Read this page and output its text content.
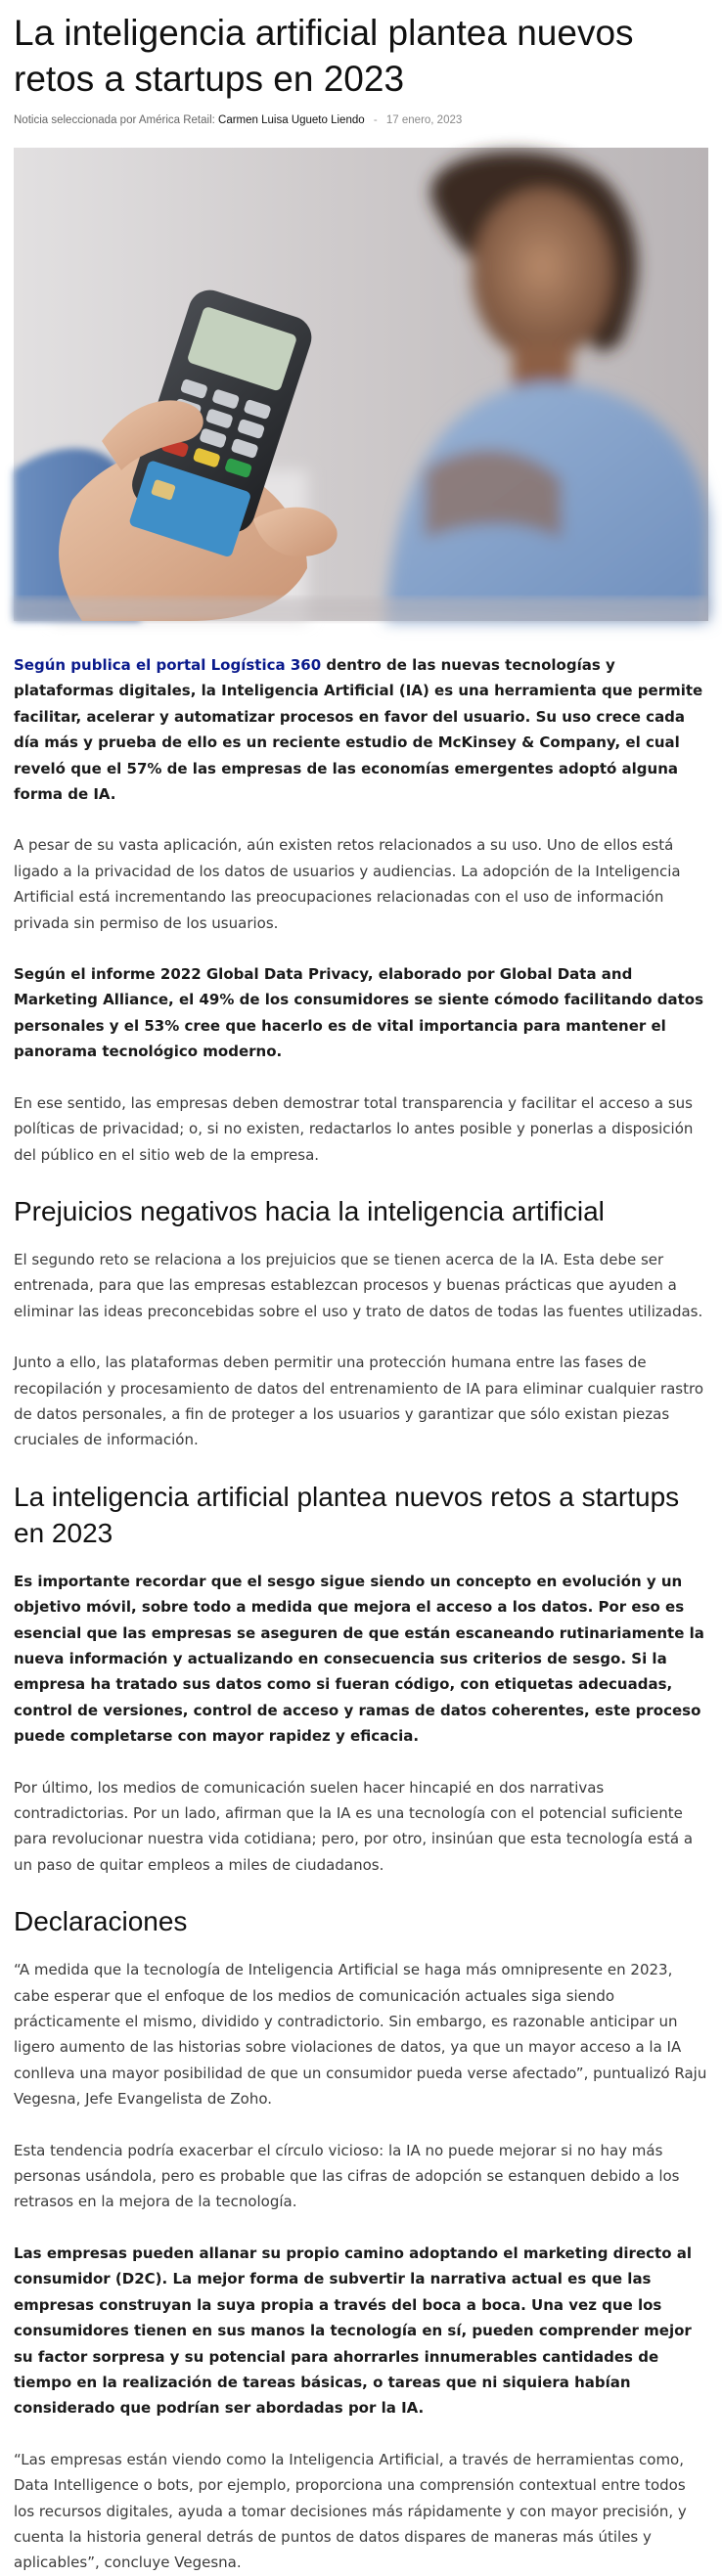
La inteligencia artificial plantea nuevos retos a startups en 2023
Noticia seleccionada por América Retail: Carmen Luisa Ugueto Liendo - 17 enero, 2023

Según publica el portal Logística 360 dentro de las nuevas tecnologías y plataformas digitales, la Inteligencia Artificial (IA) es una herramienta que permite facilitar, acelerar y automatizar procesos en favor del usuario. Su uso crece cada día más y prueba de ello es un reciente estudio de McKinsey & Company, el cual reveló que el 57% de las empresas de las economías emergentes adoptó alguna forma de IA.

A pesar de su vasta aplicación, aún existen retos relacionados a su uso. Uno de ellos está ligado a la privacidad de los datos de usuarios y audiencias. La adopción de la Inteligencia Artificial está incrementando las preocupaciones relacionadas con el uso de información privada sin permiso de los usuarios.

Según el informe 2022 Global Data Privacy, elaborado por Global Data and Marketing Alliance, el 49% de los consumidores se siente cómodo facilitando datos personales y el 53% cree que hacerlo es de vital importancia para mantener el panorama tecnológico moderno.

En ese sentido, las empresas deben demostrar total transparencia y facilitar el acceso a sus políticas de privacidad; o, si no existen, redactarlos lo antes posible y ponerlas a disposición del público en el sitio web de la empresa.

Prejuicios negativos hacia la inteligencia artificial

El segundo reto se relaciona a los prejuicios que se tienen acerca de la IA. Esta debe ser entrenada, para que las empresas establezcan procesos y buenas prácticas que ayuden a eliminar las ideas preconcebidas sobre el uso y trato de datos de todas las fuentes utilizadas.

Junto a ello, las plataformas deben permitir una protección humana entre las fases de recopilación y procesamiento de datos del entrenamiento de IA para eliminar cualquier rastro de datos personales, a fin de proteger a los usuarios y garantizar que sólo existan piezas cruciales de información.

La inteligencia artificial plantea nuevos retos a startups en 2023

Es importante recordar que el sesgo sigue siendo un concepto en evolución y un objetivo móvil, sobre todo a medida que mejora el acceso a los datos. Por eso es esencial que las empresas se aseguren de que están escaneando rutinariamente la nueva información y actualizando en consecuencia sus criterios de sesgo. Si la empresa ha tratado sus datos como si fueran código, con etiquetas adecuadas, control de versiones, control de acceso y ramas de datos coherentes, este proceso puede completarse con mayor rapidez y eficacia.

Por último, los medios de comunicación suelen hacer hincapié en dos narrativas contradictorias. Por un lado, afirman que la IA es una tecnología con el potencial suficiente para revolucionar nuestra vida cotidiana; pero, por otro, insinúan que esta tecnología está a un paso de quitar empleos a miles de ciudadanos.

Declaraciones

“A medida que la tecnología de Inteligencia Artificial se haga más omnipresente en 2023, cabe esperar que el enfoque de los medios de comunicación actuales siga siendo prácticamente el mismo, dividido y contradictorio. Sin embargo, es razonable anticipar un ligero aumento de las historias sobre violaciones de datos, ya que un mayor acceso a la IA conlleva una mayor posibilidad de que un consumidor pueda verse afectado”, puntualizó Raju Vegesna, Jefe Evangelista de Zoho.

Esta tendencia podría exacerbar el círculo vicioso: la IA no puede mejorar si no hay más personas usándola, pero es probable que las cifras de adopción se estanquen debido a los retrasos en la mejora de la tecnología.

Las empresas pueden allanar su propio camino adoptando el marketing directo al consumidor (D2C). La mejor forma de subvertir la narrativa actual es que las empresas construyan la suya propia a través del boca a boca. Una vez que los consumidores tienen en sus manos la tecnología en sí, pueden comprender mejor su factor sorpresa y su potencial para ahorrarles innumerables cantidades de tiempo en la realización de tareas básicas, o tareas que ni siquiera habían considerado que podrían ser abordadas por la IA.

“Las empresas están viendo como la Inteligencia Artificial, a través de herramientas como, Data Intelligence o bots, por ejemplo, proporciona una comprensión contextual entre todos los recursos digitales, ayuda a tomar decisiones más rápidamente y con mayor precisión, y cuenta la historia general detrás de puntos de datos dispares de maneras más útiles y aplicables”, concluye Vegesna.
